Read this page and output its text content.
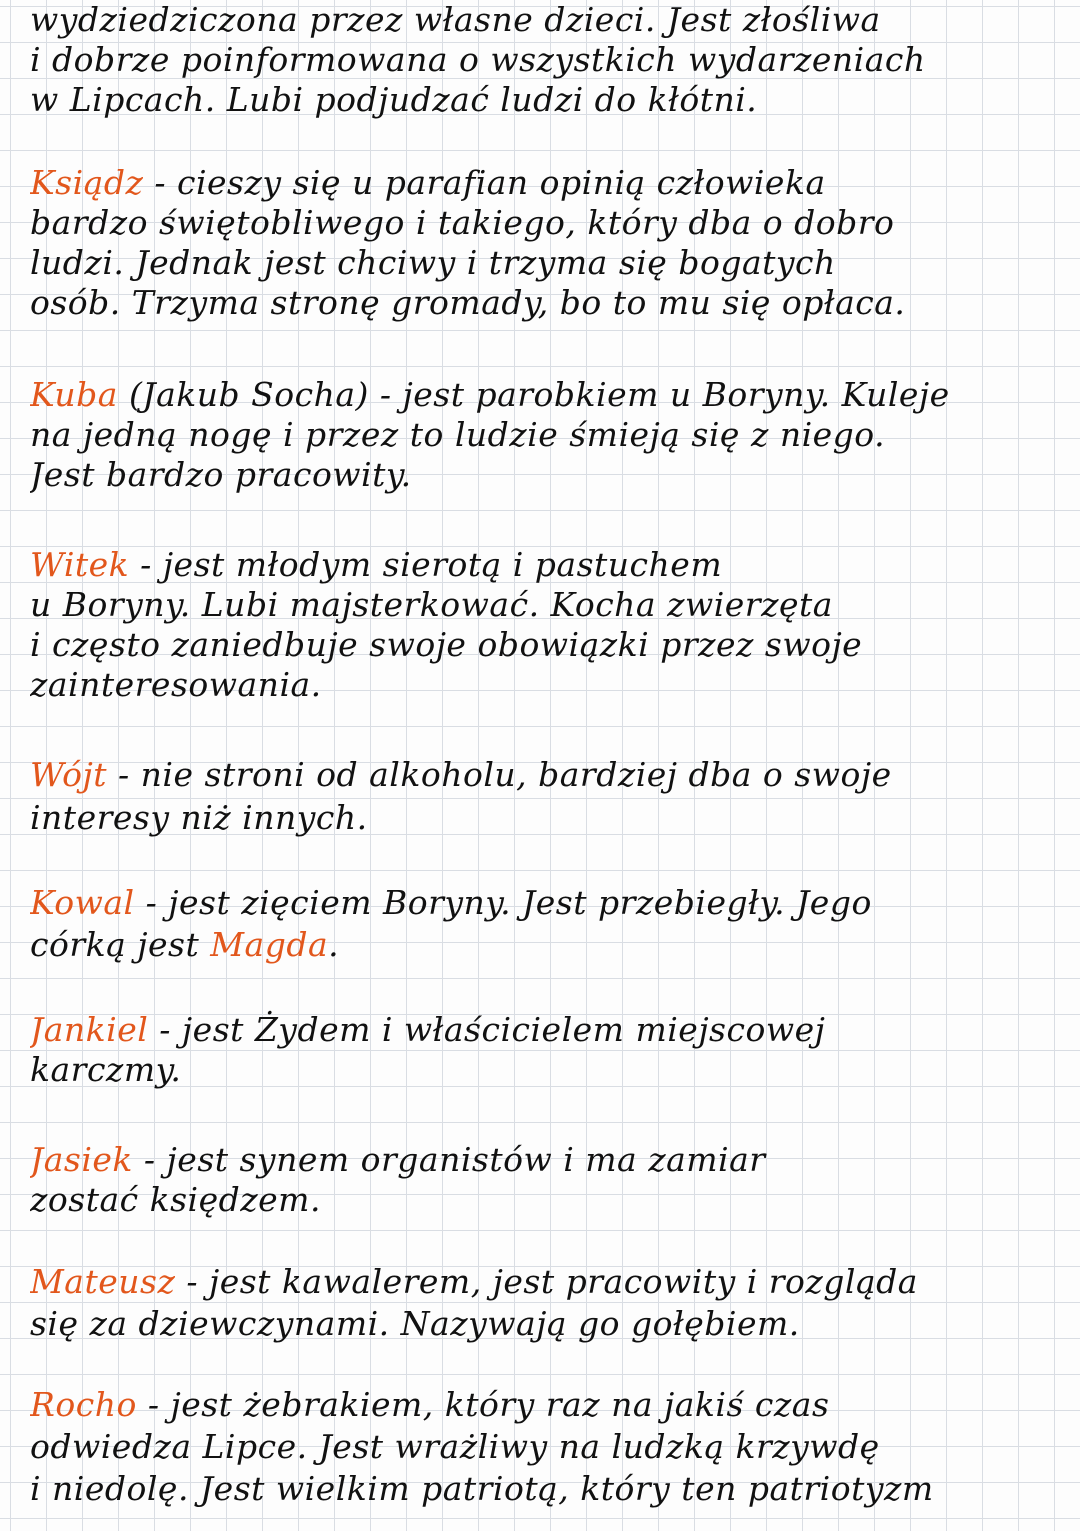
wydziedziczona przez własne dzieci. Jest złośliwa
i dobrze poinformowana o wszystkich wydarzeniach
w Lipcach. Lubi podjudzać ludzi do kłótni.
Ksiądz - cieszy się u parafian opinią człowieka
bardzo świętobliwego i takiego, który dba o dobro
ludzi. Jednak jest chciwy i trzyma się bogatych
osób. Trzyma stronę gromady, bo to mu się opłaca.
Kuba (Jakub Socha) - jest parobkiem u Boryny. Kuleje
na jedną nogę i przez to ludzie śmieją się z niego.
Jest bardzo pracowity.
Witek - jest młodym sierotą i pastuchem
u Boryny. Lubi majsterkować. Kocha zwierzęta
i często zaniedbuje swoje obowiązki przez swoje
zainteresowania.
Wójt - nie stroni od alkoholu, bardziej dba o swoje
interesy niż innych.
Kowal - jest zięciem Boryny. Jest przebiegły. Jego
córką jest Magda.
Jankiel - jest Żydem i właścicielem miejscowej
karczmy.
Jasiek - jest synem organistów i ma zamiar
zostać księdzem.
Mateusz - jest kawalerem, jest pracowity i rozgląda
się za dziewczynami. Nazywają go gołębiem.
Rocho - jest żebrakiem, który raz na jakiś czas
odwiedza Lipce. Jest wrażliwy na ludzką krzywdę
i niedolę. Jest wielkim patriotą, który ten patriotyzm
